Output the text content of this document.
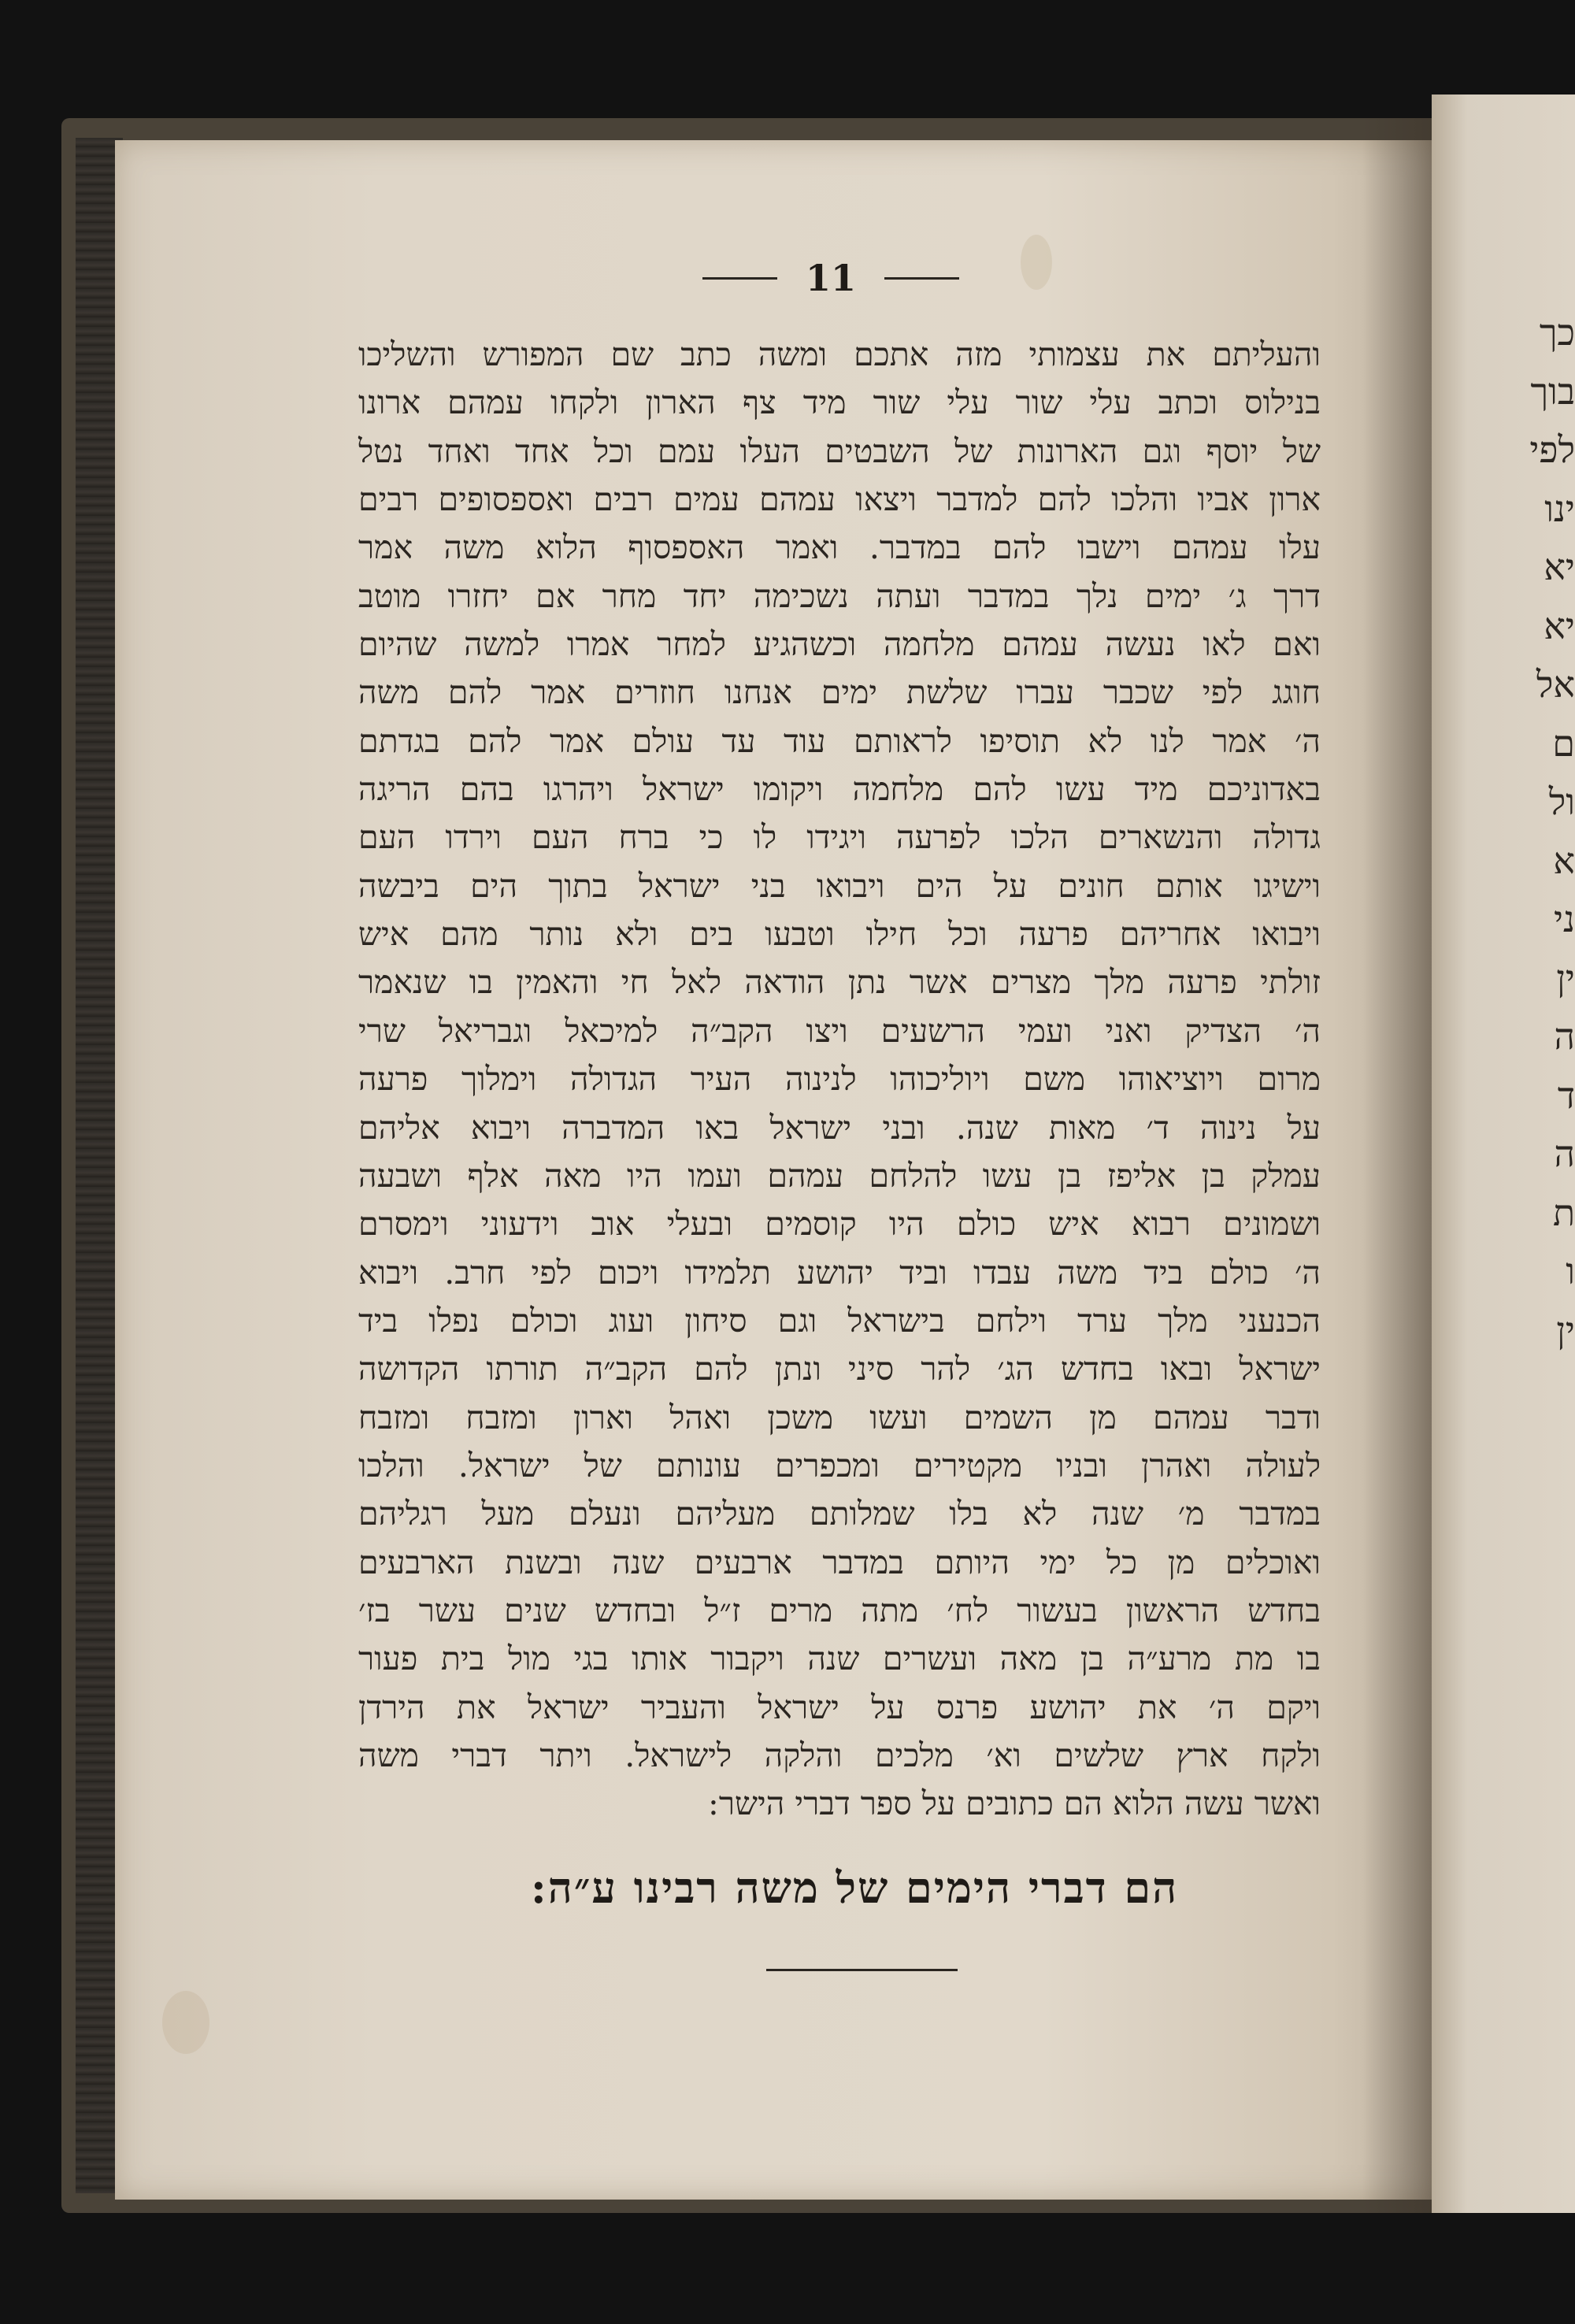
כך
בוך
לפי
ינו
יא
יא
אל
ם
ול
א
ני
ין
ה
ד
ה
ת
ו
ין
11
והעליתם את עצמותי מזה אתכם ומשה כתב שם המפורש והשליכו
בנילוס וכתב עלי שור עלי שור מיד צף הארון ולקחו עמהם ארונו
של יוסף וגם הארונות של השבטים העלו עמם וכל אחד ואחד נטל
ארון אביו והלכו להם למדבר ויצאו עמהם עמים רבים ואספסופים רבים
עלו עמהם וישבו להם במדבר. ואמר האספסוף הלוא משה אמר
דרך ג׳ ימים נלך במדבר ועתה נשכימה יחד מחר אם יחזרו מוטב
ואם לאו נעשה עמהם מלחמה וכשהגיע למחר אמרו למשה שהיום
חוגג לפי שכבר עברו שלשת ימים אנחנו חוזרים אמר להם משה
ה׳ אמר לנו לא תוסיפו לראותם עוד עד עולם אמר להם בגדתם
באדוניכם מיד עשו להם מלחמה ויקומו ישראל ויהרגו בהם הריגה
גדולה והנשארים הלכו לפרעה ויגידו לו כי ברח העם וירדו העם
וישיגו אותם חונים על הים ויבואו בני ישראל בתוך הים ביבשה
ויבואו אחריהם פרעה וכל חילו וטבעו בים ולא נותר מהם איש
זולתי פרעה מלך מצרים אשר נתן הודאה לאל חי והאמין בו שנאמר
ה׳ הצדיק ואני ועמי הרשעים ויצו הקב״ה למיכאל וגבריאל שרי
מרום ויוציאוהו משם ויוליכוהו לנינוה העיר הגדולה וימלוך פרעה
על נינוה ד׳ מאות שנה. ובני ישראל באו המדברה ויבוא אליהם
עמלק בן אליפז בן עשו להלחם עמהם ועמו היו מאה אלף ושבעה
ושמונים רבוא איש כולם היו קוסמים ובעלי אוב וידעוני וימסרם
ה׳ כולם ביד משה עבדו וביד יהושע תלמידו ויכום לפי חרב. ויבוא
הכנעני מלך ערד וילחם בישראל וגם סיחון ועוג וכולם נפלו ביד
ישראל ובאו בחדש הג׳ להר סיני ונתן להם הקב״ה תורתו הקדושה
ודבר עמהם מן השמים ועשו משכן ואהל וארון ומזבח ומזבח
לעולה ואהרן ובניו מקטירים ומכפרים עונותם של ישראל. והלכו
במדבר מ׳ שנה לא בלו שמלותם מעליהם ונעלם מעל רגליהם
ואוכלים מן כל ימי היותם במדבר ארבעים שנה ובשנת הארבעים
בחדש הראשון בעשור לח׳ מתה מרים ז״ל ובחדש שנים עשר בז׳
בו מת מרע״ה בן מאה ועשרים שנה ויקבור אותו בגי מול בית פעור
ויקם ה׳ את יהושע פרנס על ישראל והעביר ישראל את הירדן
ולקח ארץ שלשים וא׳ מלכים והלקה לישראל. ויתר דברי משה
ואשר עשה הלוא הם כתובים על ספר דברי הישר:
הם דברי הימים של משה רבינו ע״ה:
